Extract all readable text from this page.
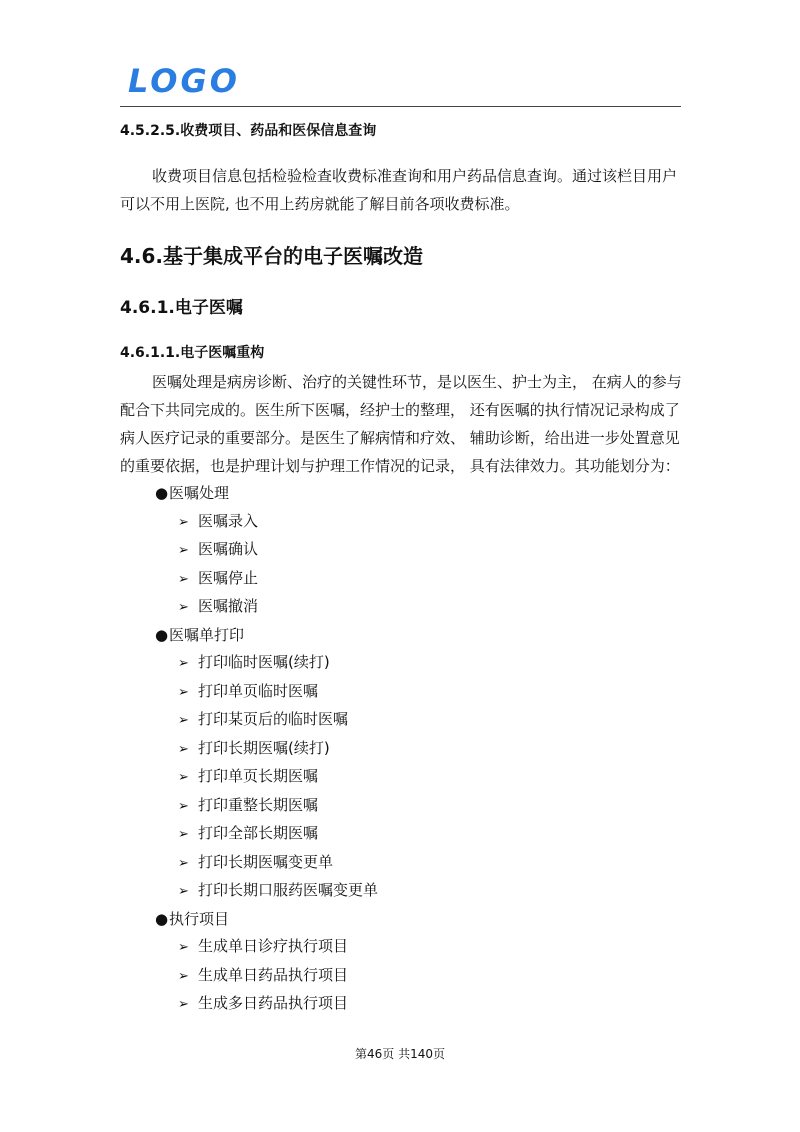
LOGO
4.5.2.5.收费项目、药品和医保信息查询

收费项目信息包括检验检查收费标准查询和用户药品信息查询。通过该栏目用户可以不用上医院, 也不用上药房就能了解目前各项收费标准。

4.6.基于集成平台的电子医嘱改造
4.6.1.电子医嘱
4.6.1.1.电子医嘱重构

医嘱处理是病房诊断、治疗的关键性环节，是以医生、护士为主， 在病人的参与配合下共同完成的。医生所下医嘱，经护士的整理， 还有医嘱的执行情况记录构成了病人医疗记录的重要部分。是医生了解病情和疗效、 辅助诊断，给出进一步处置意见的重要依据，也是护理计划与护理工作情况的记录， 具有法律效力。其功能划分为：

● 医嘱处理
➢ 医嘱录入
➢ 医嘱确认
➢ 医嘱停止
➢ 医嘱撤消
● 医嘱单打印
➢ 打印临时医嘱(续打)
➢ 打印单页临时医嘱
➢ 打印某页后的临时医嘱
➢ 打印长期医嘱(续打)
➢ 打印单页长期医嘱
➢ 打印重整长期医嘱
➢ 打印全部长期医嘱
➢ 打印长期医嘱变更单
➢ 打印长期口服药医嘱变更单
● 执行项目
➢ 生成单日诊疗执行项目
➢ 生成单日药品执行项目
➢ 生成多日药品执行项目
第46页 共140页
